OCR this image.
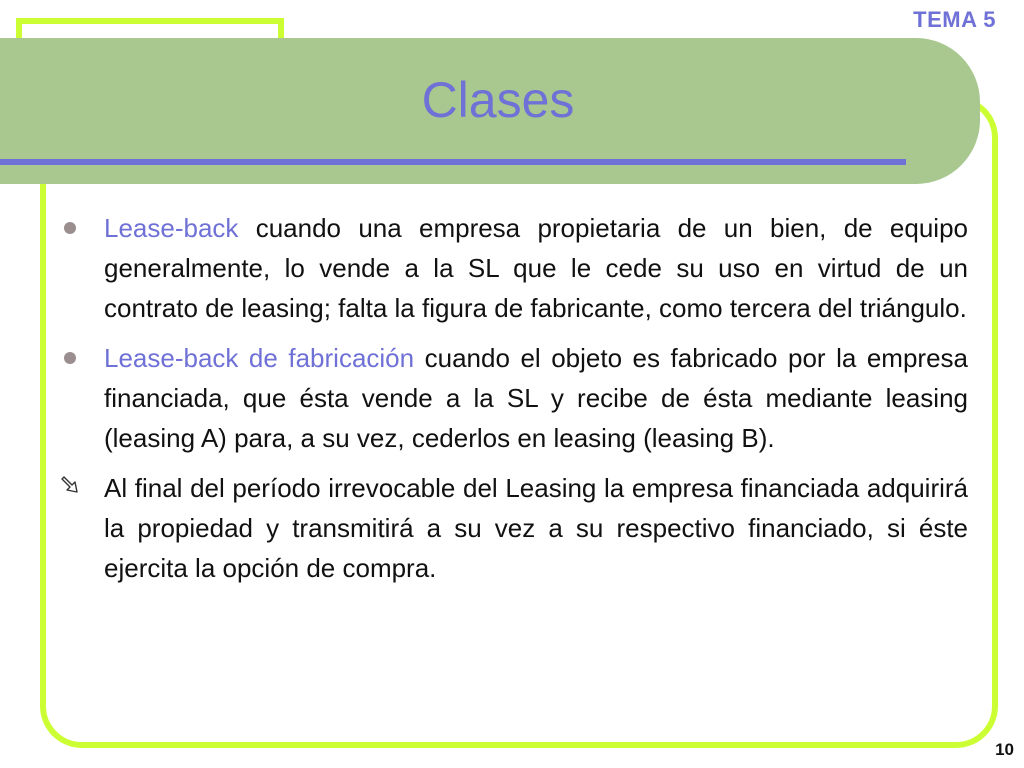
TEMA 5
Clases

Lease-back cuando una empresa propietaria de un bien, de equipo generalmente, lo vende a la SL que le cede su uso en virtud de un contrato de leasing; falta la figura de fabricante, como tercera del triángulo.

Lease-back de fabricación cuando el objeto es fabricado por la empresa financiada, que ésta vende a la SL y recibe de ésta mediante leasing (leasing A) para, a su vez, cederlos en leasing (leasing B).

Al final del período irrevocable del Leasing la empresa financiada adquirirá la propiedad y transmitirá a su vez a su respectivo financiado, si éste ejercita la opción de compra.

10
